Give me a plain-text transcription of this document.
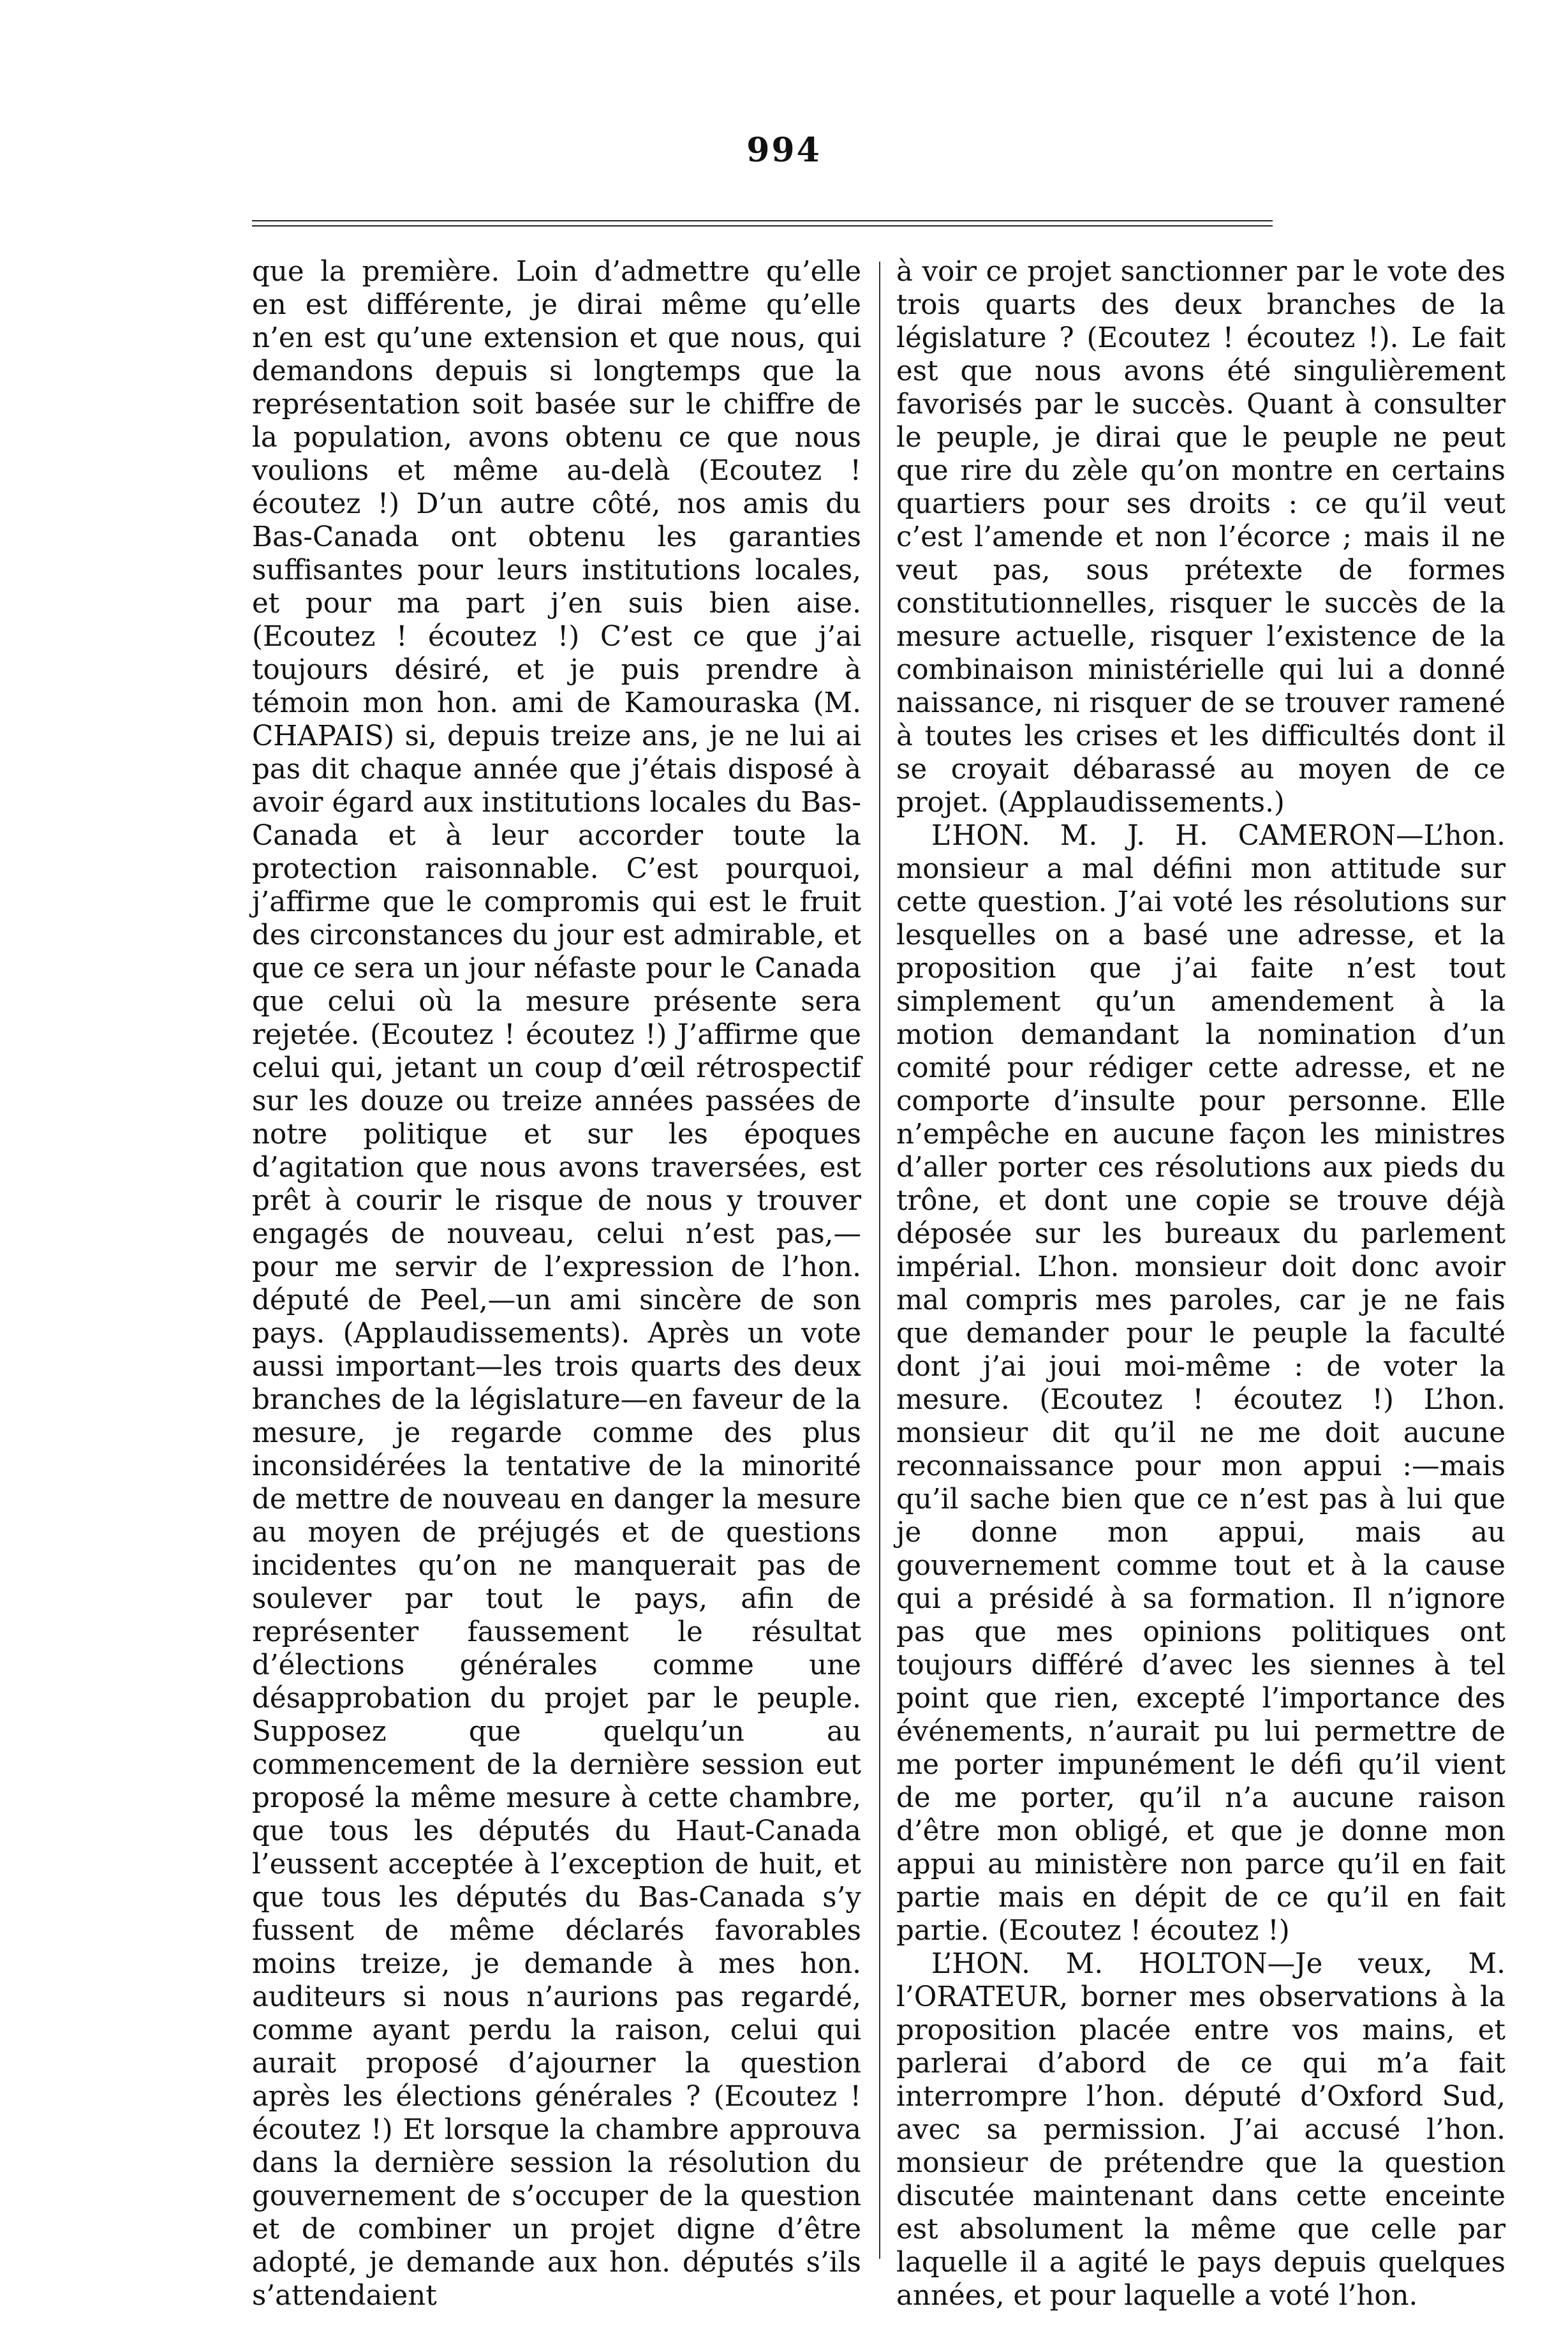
994

que la première. Loin d’admettre qu’elle en est différente, je dirai même qu’elle n’en est qu’une extension et que nous, qui demandons depuis si longtemps que la représentation soit basée sur le chiffre de la population, avons obtenu ce que nous voulions et même au-delà (Ecoutez ! écoutez !) D’un autre côté, nos amis du Bas-Canada ont obtenu les garanties suffisantes pour leurs institutions locales, et pour ma part j’en suis bien aise. (Ecoutez ! écoutez !) C’est ce que j’ai toujours désiré, et je puis prendre à témoin mon hon. ami de Kamouraska (M. CHAPAIS) si, depuis treize ans, je ne lui ai pas dit chaque année que j’étais disposé à avoir égard aux institutions locales du Bas-Canada et à leur accorder toute la protection raisonnable. C’est pourquoi, j’affirme que le compromis qui est le fruit des circonstances du jour est admirable, et que ce sera un jour néfaste pour le Canada que celui où la mesure présente sera rejetée. (Ecoutez ! écoutez !) J’affirme que celui qui, jetant un coup d’œil rétrospectif sur les douze ou treize années passées de notre politique et sur les époques d’agitation que nous avons traversées, est prêt à courir le risque de nous y trouver engagés de nouveau, celui n’est pas,—pour me servir de l’expression de l’hon. député de Peel,—un ami sincère de son pays. (Applaudissements). Après un vote aussi important—les trois quarts des deux branches de la législature—en faveur de la mesure, je regarde comme des plus inconsidérées la tentative de la minorité de mettre de nouveau en danger la mesure au moyen de préjugés et de questions incidentes qu’on ne manquerait pas de soulever par tout le pays, afin de représenter faussement le résultat d’élections générales comme une désapprobation du projet par le peuple. Supposez que quelqu’un au commencement de la dernière session eut proposé la même mesure à cette chambre, que tous les députés du Haut-Canada l’eussent acceptée à l’exception de huit, et que tous les députés du Bas-Canada s’y fussent de même déclarés favorables moins treize, je demande à mes hon. auditeurs si nous n’aurions pas regardé, comme ayant perdu la raison, celui qui aurait proposé d’ajourner la question après les élections générales ? (Ecoutez ! écoutez !) Et lorsque la chambre approuva dans la dernière session la résolution du gouvernement de s’occuper de la question et de combiner un projet digne d’être adopté, je demande aux hon. députés s’ils s’attendaient

à voir ce projet sanctionner par le vote des trois quarts des deux branches de la législature ? (Ecoutez ! écoutez !). Le fait est que nous avons été singulièrement favorisés par le succès. Quant à consulter le peuple, je dirai que le peuple ne peut que rire du zèle qu’on montre en certains quartiers pour ses droits : ce qu’il veut c’est l’amende et non l’écorce ; mais il ne veut pas, sous prétexte de formes constitutionnelles, risquer le succès de la mesure actuelle, risquer l’existence de la combinaison ministérielle qui lui a donné naissance, ni risquer de se trouver ramené à toutes les crises et les difficultés dont il se croyait débarassé au moyen de ce projet. (Applaudissements.)

L’HON. M. J. H. CAMERON—L’hon. monsieur a mal défini mon attitude sur cette question. J’ai voté les résolutions sur lesquelles on a basé une adresse, et la proposition que j’ai faite n’est tout simplement qu’un amendement à la motion demandant la nomination d’un comité pour rédiger cette adresse, et ne comporte d’insulte pour personne. Elle n’empêche en aucune façon les ministres d’aller porter ces résolutions aux pieds du trône, et dont une copie se trouve déjà déposée sur les bureaux du parlement impérial. L’hon. monsieur doit donc avoir mal compris mes paroles, car je ne fais que demander pour le peuple la faculté dont j’ai joui moi-même : de voter la mesure. (Ecoutez ! écoutez !) L’hon. monsieur dit qu’il ne me doit aucune reconnaissance pour mon appui :—mais qu’il sache bien que ce n’est pas à lui que je donne mon appui, mais au gouvernement comme tout et à la cause qui a présidé à sa formation. Il n’ignore pas que mes opinions politiques ont toujours différé d’avec les siennes à tel point que rien, excepté l’importance des événements, n’aurait pu lui permettre de me porter impunément le défi qu’il vient de me porter, qu’il n’a aucune raison d’être mon obligé, et que je donne mon appui au ministère non parce qu’il en fait partie mais en dépit de ce qu’il en fait partie. (Ecoutez ! écoutez !)

L’HON. M. HOLTON—Je veux, M. l’ORATEUR, borner mes observations à la proposition placée entre vos mains, et parlerai d’abord de ce qui m’a fait interrompre l’hon. député d’Oxford Sud, avec sa permission. J’ai accusé l’hon. monsieur de prétendre que la question discutée maintenant dans cette enceinte est absolument la même que celle par laquelle il a agité le pays depuis quelques années, et pour laquelle a voté l’hon.
